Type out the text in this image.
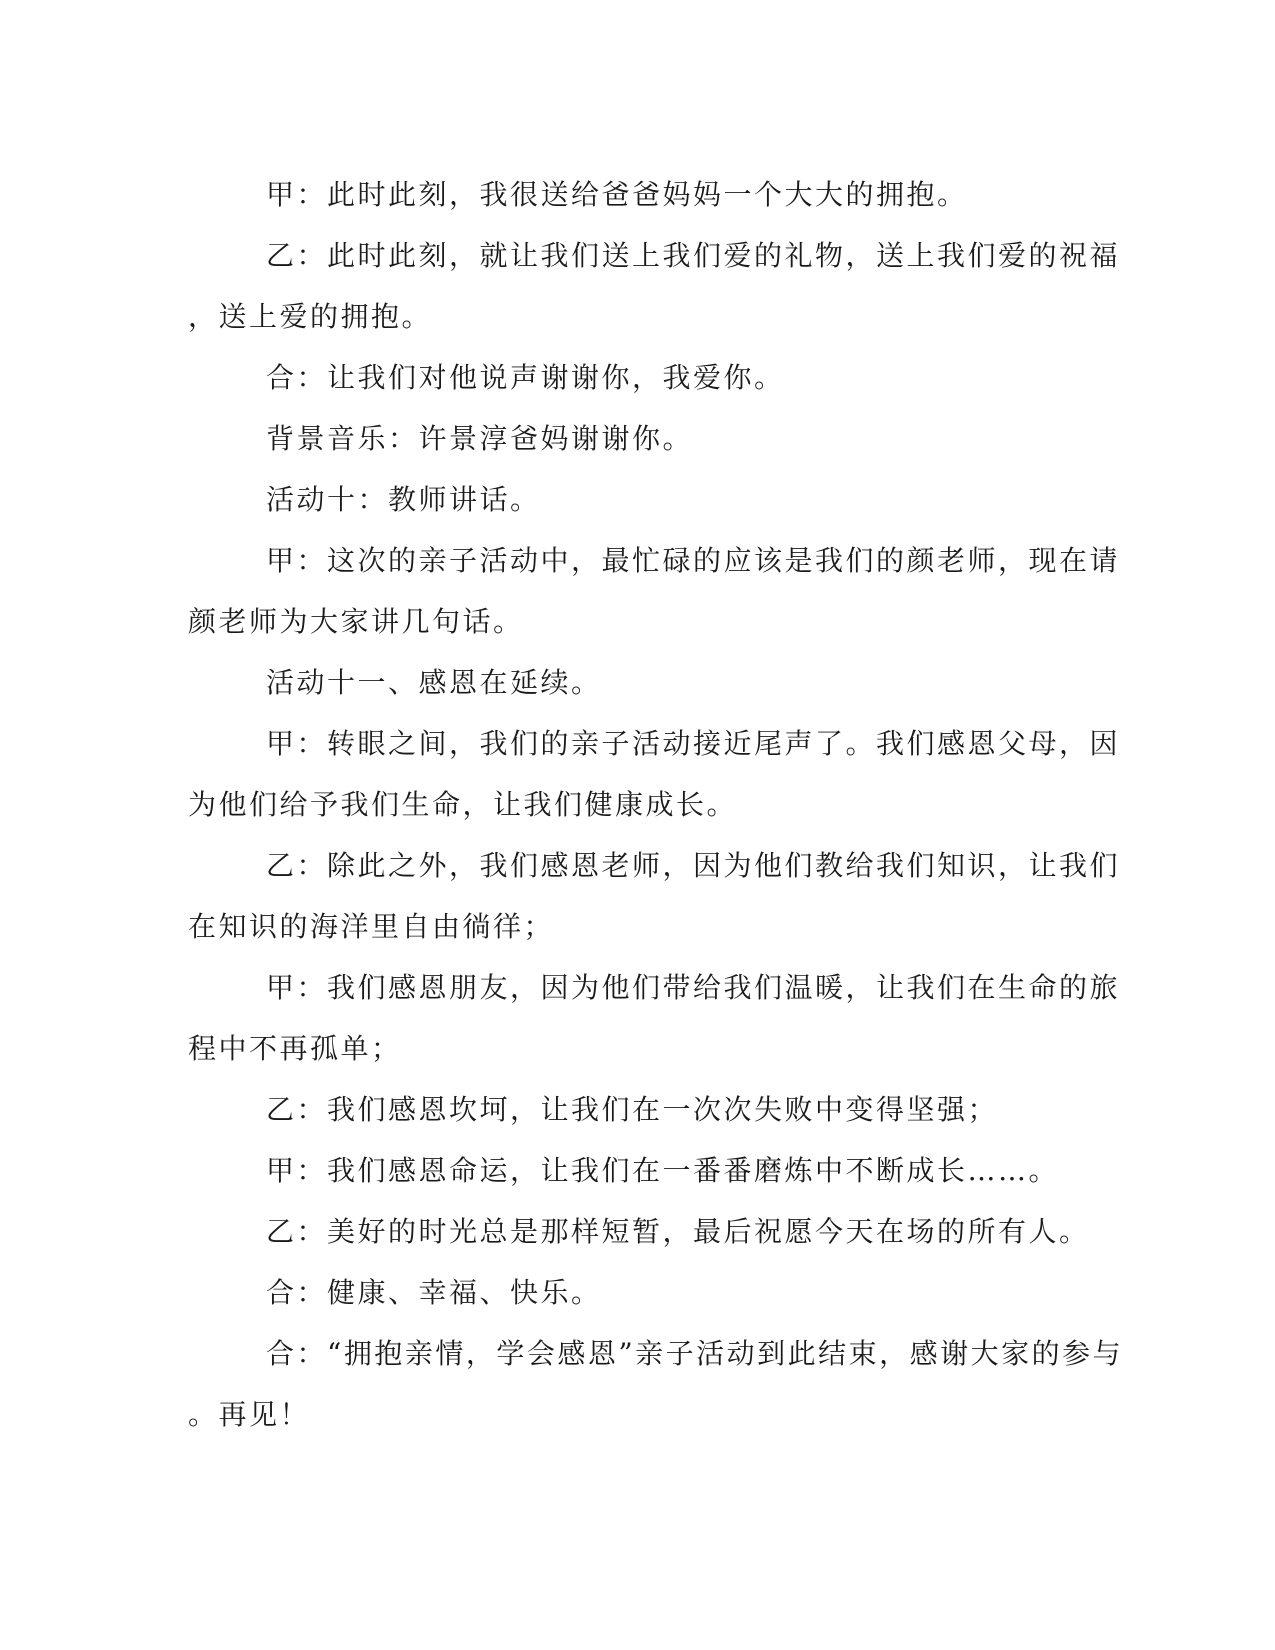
甲：此时此刻，我很送给爸爸妈妈一个大大的拥抱。
乙：此时此刻，就让我们送上我们爱的礼物，送上我们爱的祝福
，送上爱的拥抱。
合：让我们对他说声谢谢你，我爱你。
背景音乐：许景淳爸妈谢谢你。
活动十：教师讲话。
甲：这次的亲子活动中，最忙碌的应该是我们的颜老师，现在请
颜老师为大家讲几句话。
活动十一、感恩在延续。
甲：转眼之间，我们的亲子活动接近尾声了。我们感恩父母，因
为他们给予我们生命，让我们健康成长。
乙：除此之外，我们感恩老师，因为他们教给我们知识，让我们
在知识的海洋里自由徜徉；
甲：我们感恩朋友，因为他们带给我们温暖，让我们在生命的旅
程中不再孤单；
乙：我们感恩坎坷，让我们在一次次失败中变得坚强；
甲：我们感恩命运，让我们在一番番磨炼中不断成长……。
乙：美好的时光总是那样短暂，最后祝愿今天在场的所有人。
合：健康、幸福、快乐。
合：“拥抱亲情，学会感恩”亲子活动到此结束，感谢大家的参与
。再见！
